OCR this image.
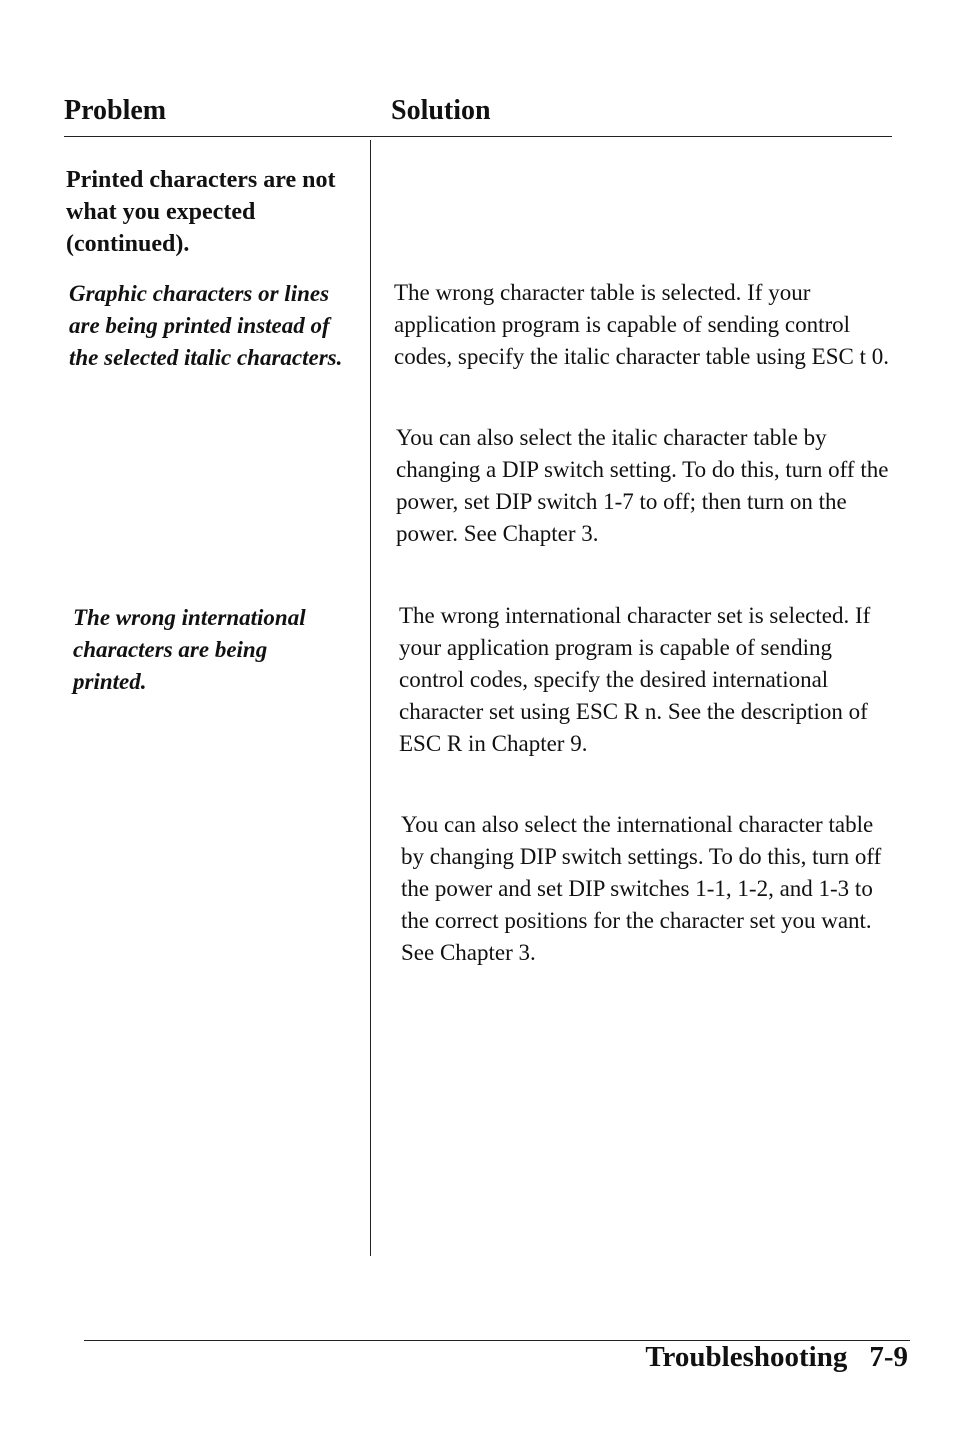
Problem	Solution
Printed characters are not what you expected (continued).
Graphic characters or lines are being printed instead of the selected italic characters.
The wrong character table is selected. If your application program is capable of sending control codes, specify the italic character table using ESC t 0.
You can also select the italic character table by changing a DIP switch setting. To do this, turn off the power, set DIP switch 1-7 to off; then turn on the power. See Chapter 3.
The wrong international characters are being printed.
The wrong international character set is selected. If your application program is capable of sending control codes, specify the desired international character set using ESC R n. See the description of ESC R in Chapter 9.
You can also select the international character table by changing DIP switch settings. To do this, turn off the power and set DIP switches 1-1, 1-2, and 1-3 to the correct positions for the character set you want. See Chapter 3.
Troubleshooting 7-9
